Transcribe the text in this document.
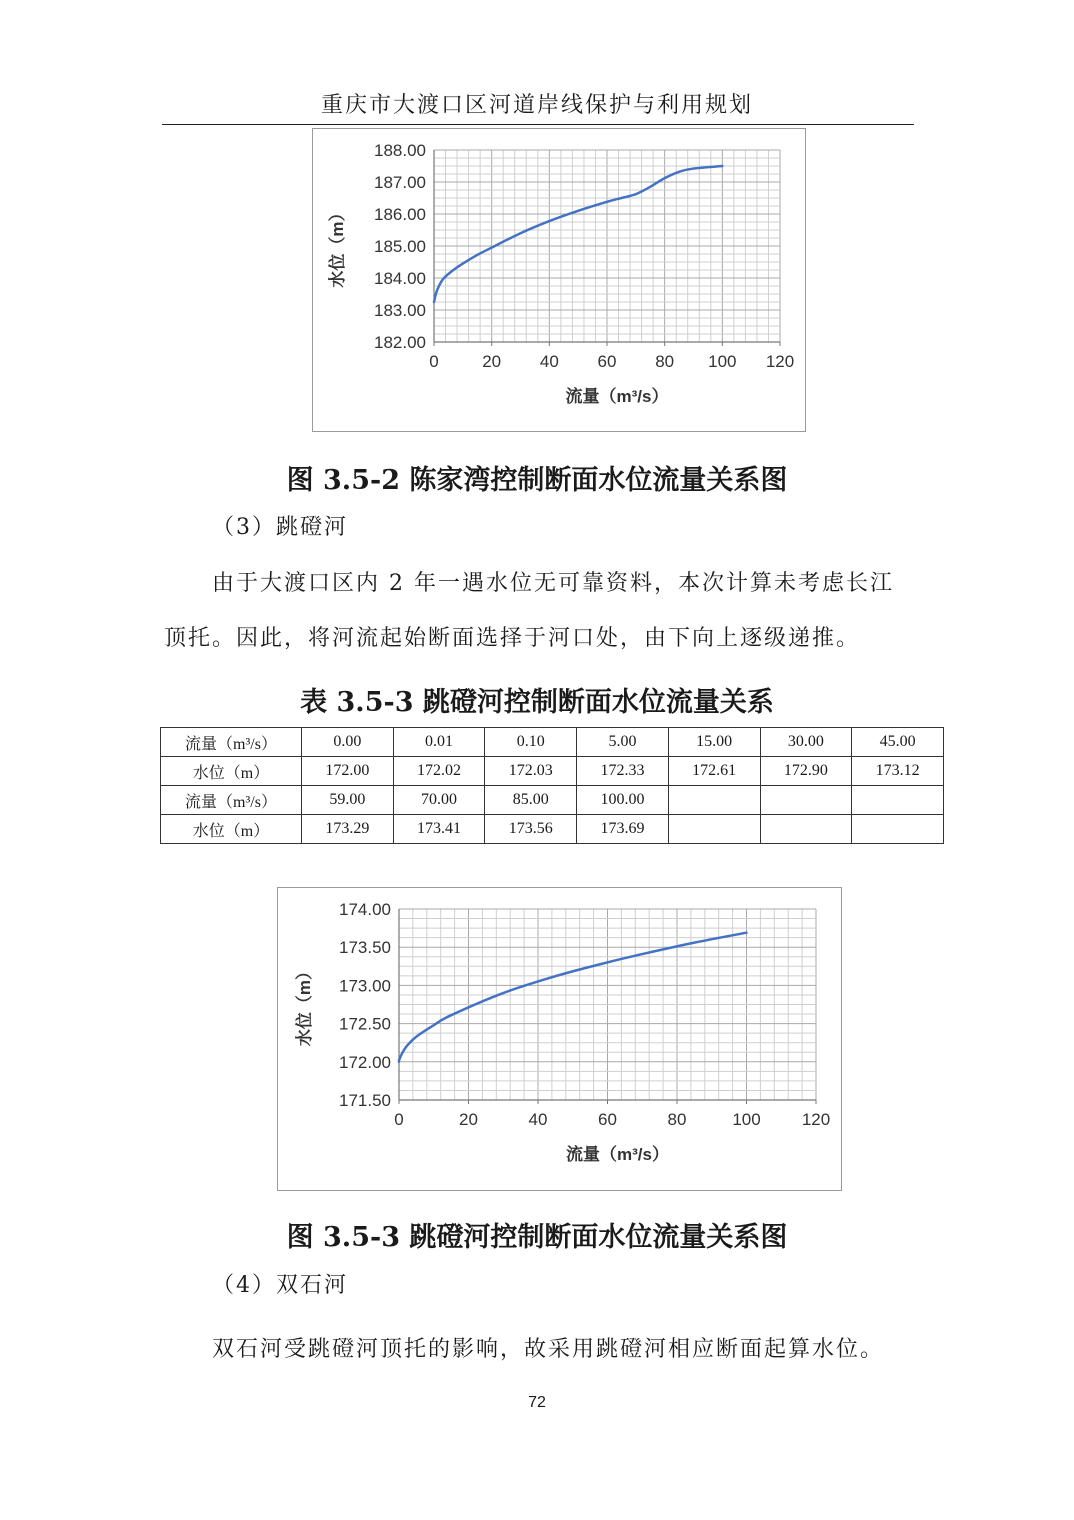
重庆市大渡口区河道岸线保护与利用规划
0	20 40 60 80 100 120
182.00
183.00
184.00
185.00
186.00
187.00
188.00
流量（m³/s）
水位（m）
图 3.5-2 陈家湾控制断面水位流量关系图
（3）跳磴河
由于大渡口区内 2 年一遇水位无可靠资料，本次计算未考虑长江
顶托。因此，将河流起始断面选择于河口处，由下向上逐级递推。
表 3.5-3 跳磴河控制断面水位流量关系
流量（m³/s）	0.00	0.01	0.10	5.00	15.00	30.00	45.00
水位（m）	172.00	172.02	172.03	172.33	172.61	172.90	173.12
流量（m³/s）	59.00	70.00	85.00	100.00			
水位（m）	173.29	173.41	173.56	173.69			
0	20	40	60	80	100 120
171.50
172.00
172.50
173.00
173.50
174.00
流量（m³/s）
水位（m）
图 3.5-3 跳磴河控制断面水位流量关系图
（4）双石河
双石河受跳磴河顶托的影响，故采用跳磴河相应断面起算水位。
72
